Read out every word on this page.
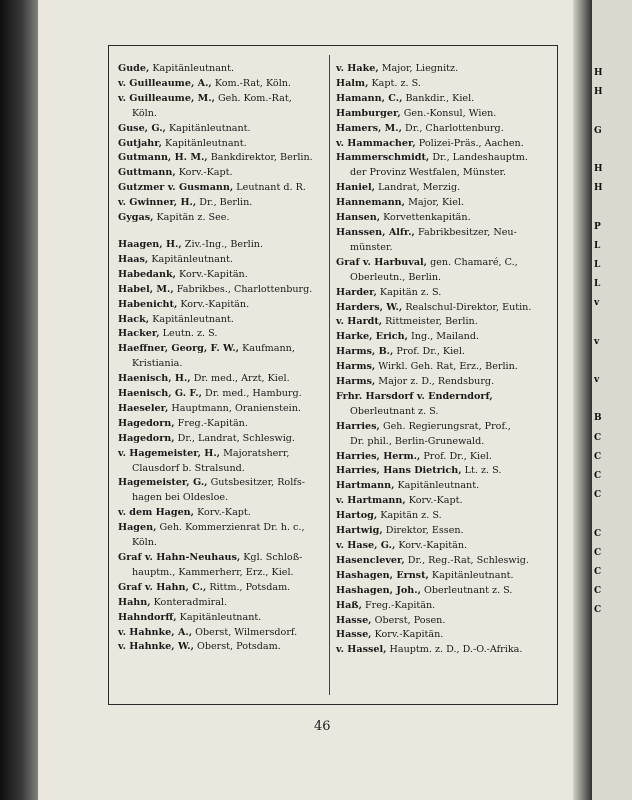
H
H
G
H
H
P
L
L
L
v
v
v
B
C
C
C
C
C
C
C
C
C
Gude, Kapitänleutnant.
v. Guilleaume, A., Kom.-Rat, Köln.
v. Guilleaume, M., Geh. Kom.-Rat,
Köln.
Guse, G., Kapitänleutnant.
Gutjahr, Kapitänleutnant.
Gutmann, H. M., Bankdirektor, Berlin.
Guttmann, Korv.-Kapt.
Gutzmer v. Gusmann, Leutnant d. R.
v. Gwinner, H., Dr., Berlin.
Gygas, Kapitän z. See.
Haagen, H., Ziv.-Ing., Berlin.
Haas, Kapitänleutnant.
Habedank, Korv.-Kapitän.
Habel, M., Fabrikbes., Charlottenburg.
Habenicht, Korv.-Kapitän.
Hack, Kapitänleutnant.
Hacker, Leutn. z. S.
Haeffner, Georg, F. W., Kaufmann,
Kristiania.
Haenisch, H., Dr. med., Arzt, Kiel.
Haenisch, G. F., Dr. med., Hamburg.
Haeseler, Hauptmann, Oranienstein.
Hagedorn, Freg.-Kapitän.
Hagedorn, Dr., Landrat, Schleswig.
v. Hagemeister, H., Majoratsherr,
Clausdorf b. Stralsund.
Hagemeister, G., Gutsbesitzer, Rolfs-
hagen bei Oldesloe.
v. dem Hagen, Korv.-Kapt.
Hagen, Geh. Kommerzienrat Dr. h. c.,
Köln.
Graf v. Hahn-Neuhaus, Kgl. Schloß-
hauptm., Kammerherr, Erz., Kiel.
Graf v. Hahn, C., Rittm., Potsdam.
Hahn, Konteradmiral.
Hahndorff, Kapitänleutnant.
v. Hahnke, A., Oberst, Wilmersdorf.
v. Hahnke, W., Oberst, Potsdam.
v. Hake, Major, Liegnitz.
Halm, Kapt. z. S.
Hamann, C., Bankdir., Kiel.
Hamburger, Gen.-Konsul, Wien.
Hamers, M., Dr., Charlottenburg.
v. Hammacher, Polizei-Präs., Aachen.
Hammerschmidt, Dr., Landeshauptm.
der Provinz Westfalen, Münster.
Haniel, Landrat, Merzig.
Hannemann, Major, Kiel.
Hansen, Korvettenkapitän.
Hanssen, Alfr., Fabrikbesitzer, Neu-
münster.
Graf v. Harbuval, gen. Chamaré, C.,
Oberleutn., Berlin.
Harder, Kapitän z. S.
Harders, W., Realschul-Direktor, Eutin.
v. Hardt, Rittmeister, Berlin.
Harke, Erich, Ing., Mailand.
Harms, B., Prof. Dr., Kiel.
Harms, Wirkl. Geh. Rat, Erz., Berlin.
Harms, Major z. D., Rendsburg.
Frhr. Harsdorf v. Enderndorf,
Oberleutnant z. S.
Harries, Geh. Regierungsrat, Prof.,
Dr. phil., Berlin-Grunewald.
Harries, Herm., Prof. Dr., Kiel.
Harries, Hans Dietrich, Lt. z. S.
Hartmann, Kapitänleutnant.
v. Hartmann, Korv.-Kapt.
Hartog, Kapitän z. S.
Hartwig, Direktor, Essen.
v. Hase, G., Korv.-Kapitän.
Hasenclever, Dr., Reg.-Rat, Schleswig.
Hashagen, Ernst, Kapitänleutnant.
Hashagen, Joh., Oberleutnant z. S.
Haß, Freg.-Kapitän.
Hasse, Oberst, Posen.
Hasse, Korv.-Kapitän.
v. Hassel, Hauptm. z. D., D.-O.-Afrika.
46
